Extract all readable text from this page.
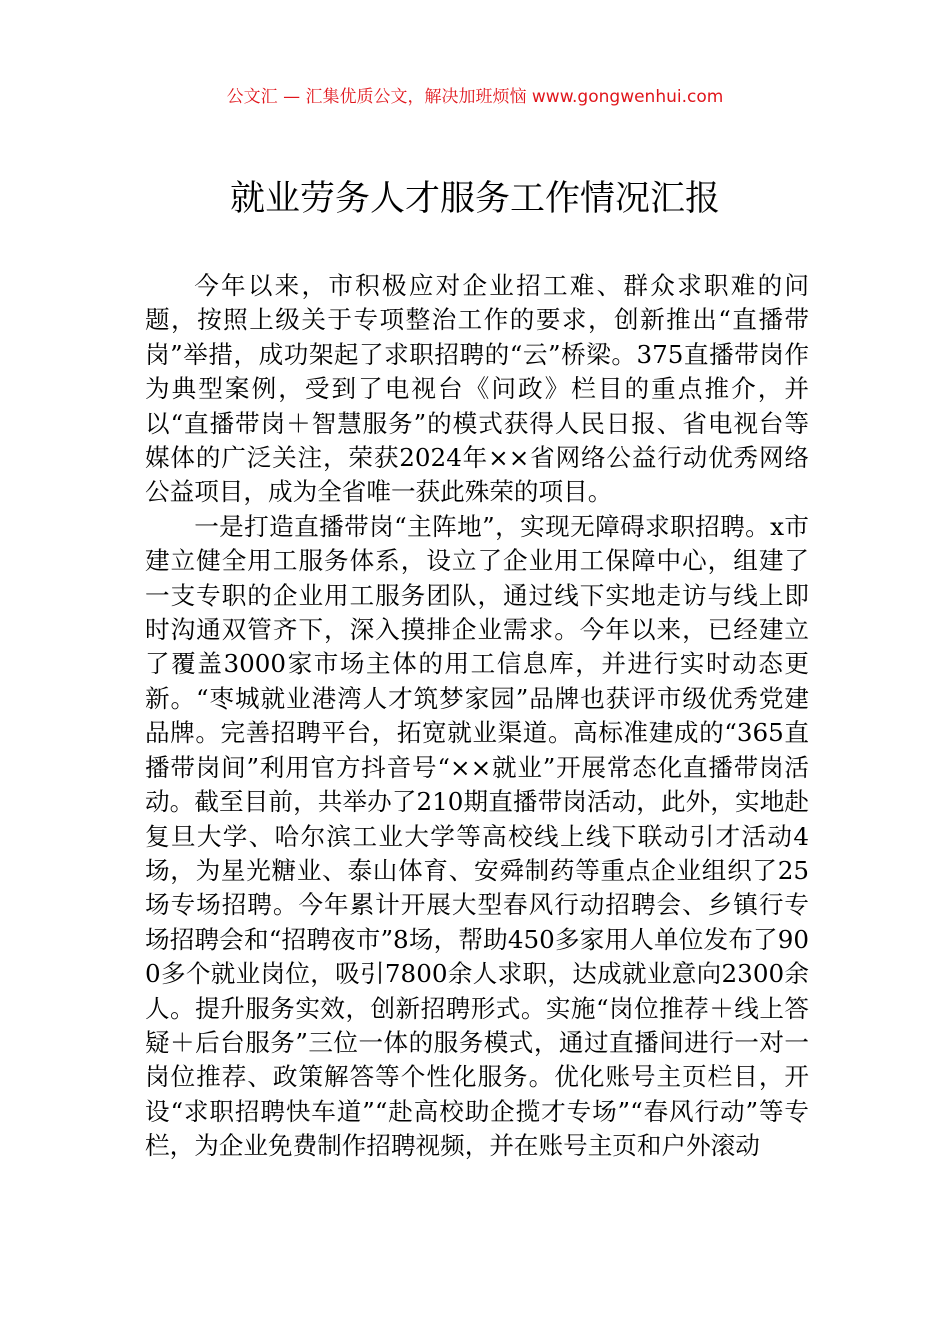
公文汇 — 汇集优质公文，解决加班烦恼 www.gongwenhui.com
就业劳务人才服务工作情况汇报

今年以来，市积极应对企业招工难、群众求职难的问题，按照上级关于专项整治工作的要求，创新推出“直播带岗”举措，成功架起了求职招聘的“云”桥梁。375直播带岗作为典型案例，受到了电视台《问政》栏目的重点推介，并以“直播带岗＋智慧服务”的模式获得人民日报、省电视台等媒体的广泛关注，荣获2024年××省网络公益行动优秀网络公益项目，成为全省唯一获此殊荣的项目。

一是打造直播带岗“主阵地”，实现无障碍求职招聘。x市建立健全用工服务体系，设立了企业用工保障中心，组建了一支专职的企业用工服务团队，通过线下实地走访与线上即时沟通双管齐下，深入摸排企业需求。今年以来，已经建立了覆盖3000家市场主体的用工信息库，并进行实时动态更新。“枣城就业港湾人才筑梦家园”品牌也获评市级优秀党建品牌。完善招聘平台，拓宽就业渠道。高标准建成的“365直播带岗间”利用官方抖音号“××就业”开展常态化直播带岗活动。截至目前，共举办了210期直播带岗活动，此外，实地赴复旦大学、哈尔滨工业大学等高校线上线下联动引才活动4场，为星光糖业、泰山体育、安舜制药等重点企业组织了25场专场招聘。今年累计开展大型春风行动招聘会、乡镇行专场招聘会和“招聘夜市”8场，帮助450多家用人单位发布了900多个就业岗位，吸引7800余人求职，达成就业意向2300余人。提升服务实效，创新招聘形式。实施“岗位推荐＋线上答疑＋后台服务”三位一体的服务模式，通过直播间进行一对一岗位推荐、政策解答等个性化服务。优化账号主页栏目，开设“求职招聘快车道”“赴高校助企揽才专场”“春风行动”等专栏，为企业免费制作招聘视频，并在账号主页和户外滚动
